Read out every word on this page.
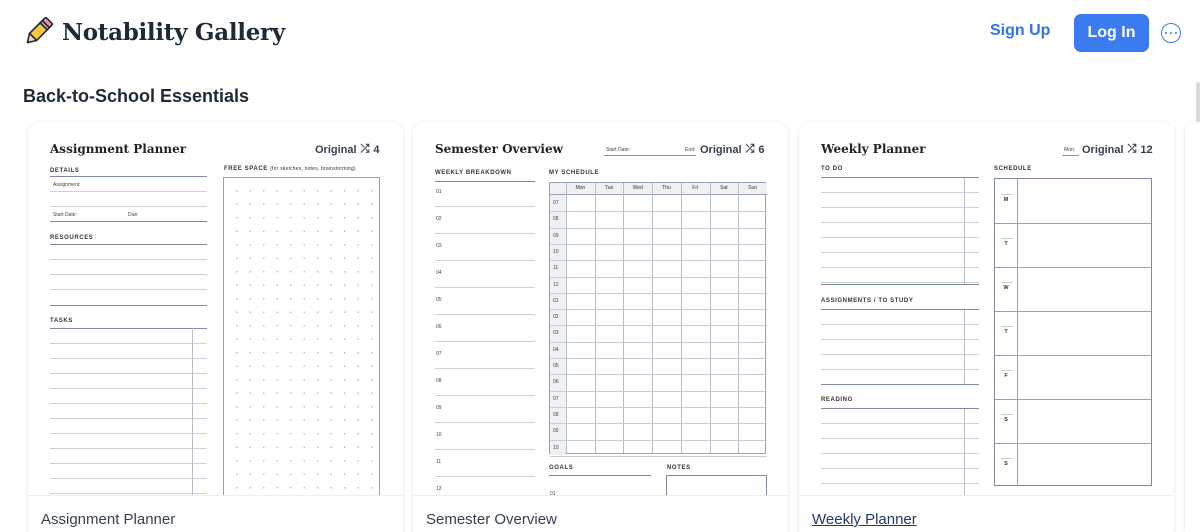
Notability Gallery	Sign Up	Log In
Back-to-School Essentials
Assignment Planner	Original ⤮ 4
DETAILS
Assignment:
Start Date:	Due:
RESOURCES
TASKS
FREE SPACE (for sketches, notes, brainstorming)
Assignment Planner
Semester Overview	Start Date:	End: Original ⤮ 6
WEEKLY BREAKDOWN
01
02
03
04
05
06
07
08
09
10
11
12
MY SCHEDULE
Mon	Tue	Wed	Thu	Fri	Sat	Sun
07
08
09
10
11
12
01
02
03
04
05
06
07
08
09
10
GOALS
01
NOTES
Semester Overview
Weekly Planner	Mon: Original ⤮ 12
TO DO
ASSIGNMENTS / TO STUDY
READING
SCHEDULE
M
T
W
T
F
S
S
Weekly Planner
